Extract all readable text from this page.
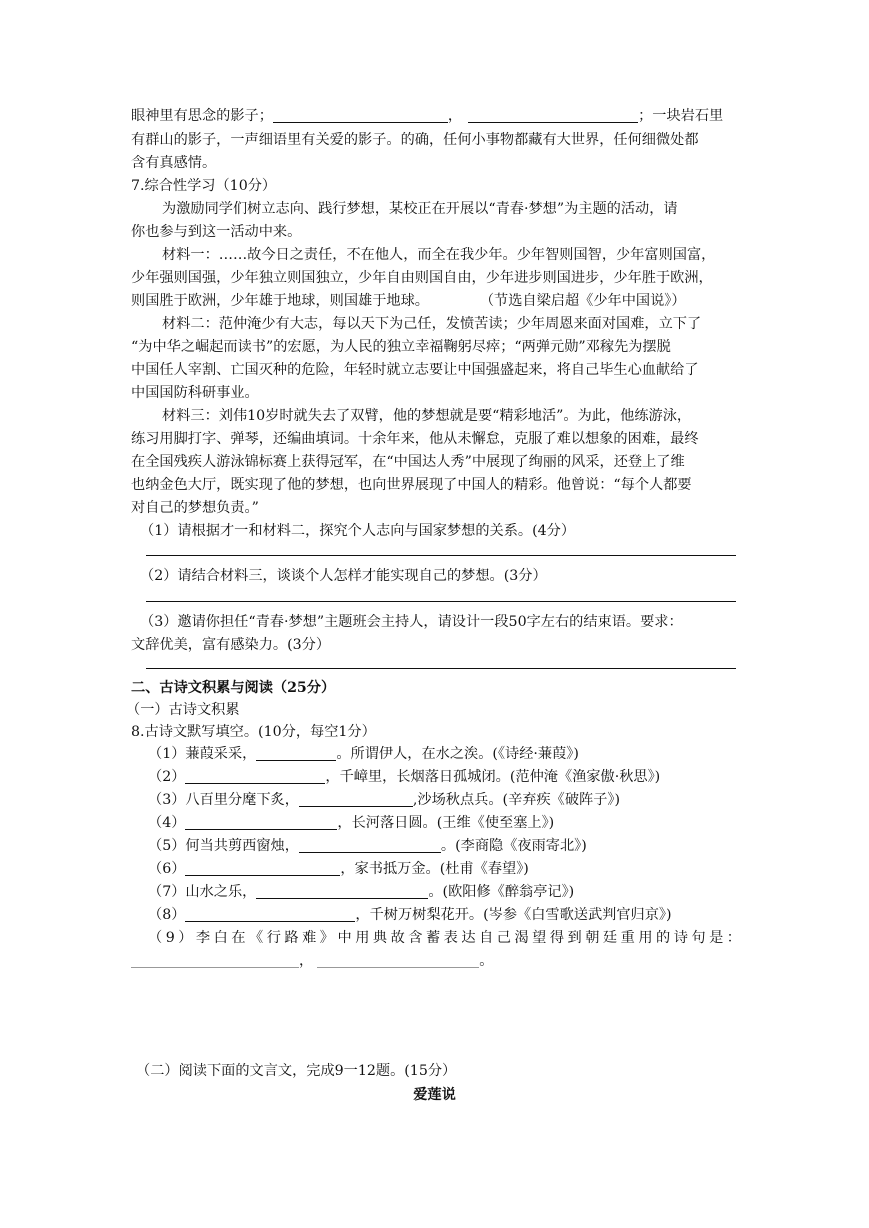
眼神里有思念的影子；	，	；一块岩石里
有群山的影子，一声细语里有关爱的影子。的确，任何小事物都藏有大世界，任何细微处都
含有真感情。
7.综合性学习（10分）
为激励同学们树立志向、践行梦想，某校正在开展以“青春·梦想”为主题的活动，请
你也参与到这一活动中来。
材料一：……故今日之责任，不在他人，而全在我少年。少年智则国智，少年富则国富，
少年强则国强，少年独立则国独立，少年自由则国自由，少年进步则国进步，少年胜于欧洲，
则国胜于欧洲，少年雄于地球，则国雄于地球。	（节选自梁启超《少年中国说》）
材料二：范仲淹少有大志，每以天下为己任，发愤苦读；少年周恩来面对国难，立下了
“为中华之崛起而读书”的宏愿，为人民的独立幸福鞠躬尽瘁；“两弹元勋”邓稼先为摆脱
中国任人宰割、亡国灭种的危险，年轻时就立志要让中国强盛起来，将自己毕生心血献给了
中国国防科研事业。
材料三：刘伟10岁时就失去了双臂，他的梦想就是要“精彩地活”。为此，他练游泳，
练习用脚打字、弹琴，还编曲填词。十余年来，他从未懈怠，克服了难以想象的困难，最终
在全国残疾人游泳锦标赛上获得冠军，在“中国达人秀”中展现了绚丽的风采，还登上了维
也纳金色大厅，既实现了他的梦想，也向世界展现了中国人的精彩。他曾说：“每个人都要
对自己的梦想负责。”
（1）请根据才一和材料二，探究个人志向与国家梦想的关系。(4分）
（2）请结合材料三，谈谈个人怎样才能实现自己的梦想。(3分）
（3）邀请你担任“青春·梦想”主题班会主持人，请设计一段50字左右的结束语。要求：
文辞优美，富有感染力。(3分）
二、古诗文积累与阅读（25分）
（一）古诗文积累
8.古诗文默写填空。(10分，每空1分）
（1）蒹葭采采，	。所谓伊人，在水之涘。(《诗经·蒹葭》)
（2）	，千嶂里，长烟落日孤城闭。(范仲淹《渔家傲·秋思》)
（3）八百里分麾下炙，	,沙场秋点兵。(辛弃疾《破阵子》)
（4）	，长河落日圆。(王维《使至塞上》)
（5）何当共剪西窗烛，	。(李商隐《夜雨寄北》)
（6）	，家书抵万金。(杜甫《春望》)
（7）山水之乐，	。(欧阳修《醉翁亭记》)
（8）	，千树万树梨花开。(岑参《白雪歌送武判官归京》)
（9）李白在《行路难》中用典故含蓄表达自己渴望得到朝廷重用的诗句是：
，	。
（二）阅读下面的文言文，完成9一12题。(15分）
爱莲说
